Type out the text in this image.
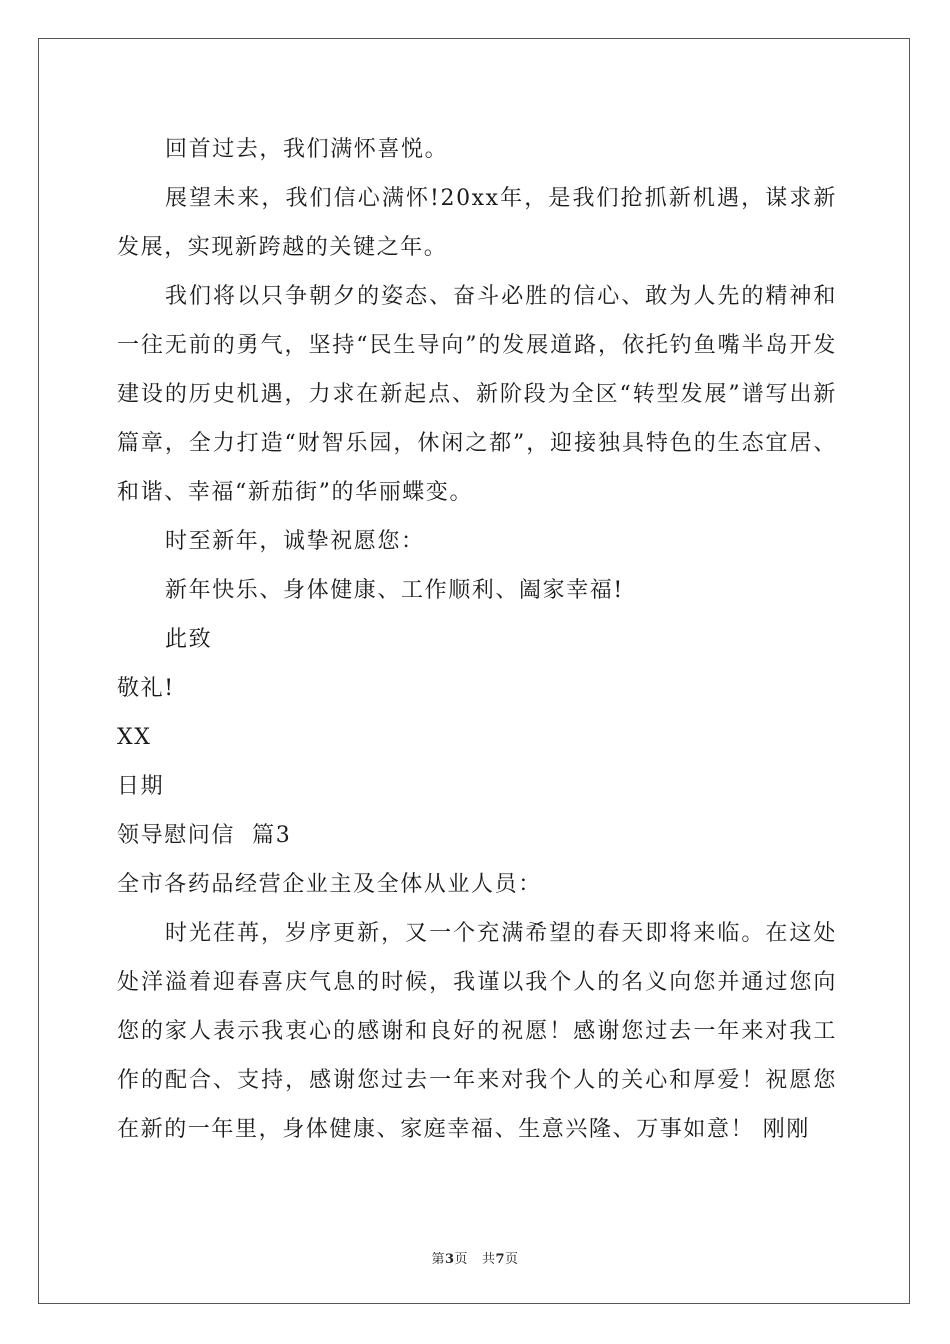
回首过去，我们满怀喜悦。

展望未来，我们信心满怀!20xx年，是我们抢抓新机遇，谋求新发展，实现新跨越的关键之年。

我们将以只争朝夕的姿态、奋斗必胜的信心、敢为人先的精神和一往无前的勇气，坚持“民生导向”的发展道路，依托钓鱼嘴半岛开发建设的历史机遇，力求在新起点、新阶段为全区“转型发展”谱写出新篇章，全力打造“财智乐园，休闲之都”，迎接独具特色的生态宜居、和谐、幸福“新茄街”的华丽蝶变。

时至新年，诚挚祝愿您：

新年快乐、身体健康、工作顺利、阖家幸福!

此致

敬礼!

XX

日期

领导慰问信  篇3

全市各药品经营企业主及全体从业人员：

时光荏苒，岁序更新，又一个充满希望的春天即将来临。在这处处洋溢着迎春喜庆气息的时候，我谨以我个人的名义向您并通过您向您的家人表示我衷心的感谢和良好的祝愿！感谢您过去一年来对我工作的配合、支持，感谢您过去一年来对我个人的关心和厚爱！祝愿您在新的一年里，身体健康、家庭幸福、生意兴隆、万事如意！ 刚刚

第3页 共7页
